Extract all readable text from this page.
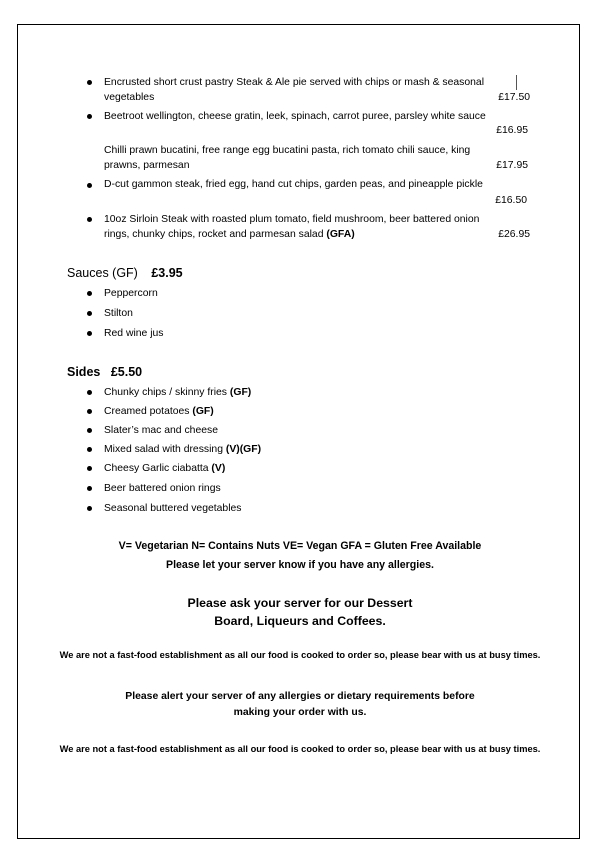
Encrusted short crust pastry Steak & Ale pie served with chips or mash & seasonal
vegetables	£17.50
Beetroot wellington, cheese gratin, leek, spinach, carrot puree, parsley white sauce
£16.95
Chilli prawn bucatini, free range egg bucatini pasta, rich tomato chili sauce, king
prawns, parmesan	£17.95
D-cut gammon steak, fried egg, hand cut chips, garden peas, and pineapple pickle
£16.50
10oz Sirloin Steak with roasted plum tomato, field mushroom, beer battered onion
rings, chunky chips, rocket and parmesan salad (GFA)	£26.95
Sauces (GF) £3.95
Peppercorn
Stilton
Red wine jus
Sides £5.50
Chunky chips / skinny fries (GF)
Creamed potatoes (GF)
Slater’s mac and cheese
Mixed salad with dressing (V)(GF)
Cheesy Garlic ciabatta (V)
Beer battered onion rings
Seasonal buttered vegetables
V= Vegetarian N= Contains Nuts VE= Vegan GFA = Gluten Free Available
Please let your server know if you have any allergies.
Please ask your server for our Dessert
Board, Liqueurs and Coffees.
We are not a fast-food establishment as all our food is cooked to order so, please bear with us at busy times.
Please alert your server of any allergies or dietary requirements before
making your order with us.
We are not a fast-food establishment as all our food is cooked to order so, please bear with us at busy times.
